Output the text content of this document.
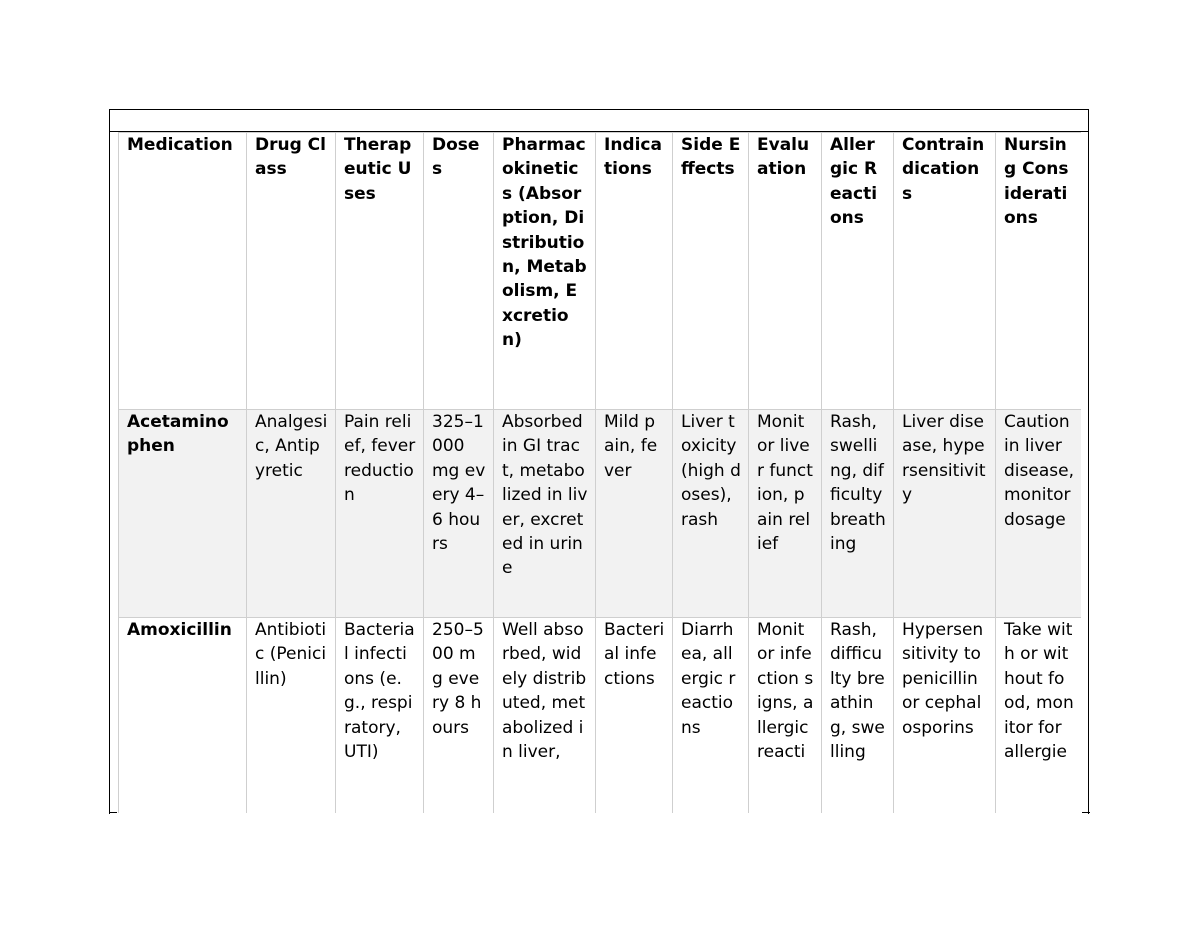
Medication	Drug Class	Therapeutic Uses	Doses	Pharmacokinetics (Absorption, Distribution, Metabolism, Excretion)	Indications	Side Effects	Evaluation	Allergic Reactions	Contraindications	Nursing Considerations
Acetaminophen	Analgesic, Antipyretic	Pain relief, fever reduction	325–1000 mg every 4–6 hours	Absorbed in GI tract, metabolized in liver, excreted in urine	Mild pain, fever	Liver toxicity (high doses), rash	Monitor liver function, pain relief	Rash, swelling, difficulty breathing	Liver disease, hypersensitivity	Caution in liver disease, monitor dosage
Amoxicillin	Antibiotic (Penicillin)	Bacterial infections (e.g., respiratory, UTI)	250–500 mg every 8 hours	Well absorbed, widely distributed, metabolized in liver,	Bacterial infections	Diarrhea, allergic reactions	Monitor infection signs, allergic reacti	Rash, difficulty breathing, swelling	Hypersensitivity to penicillin or cephalosporins	Take with or without food, monitor for allergie
